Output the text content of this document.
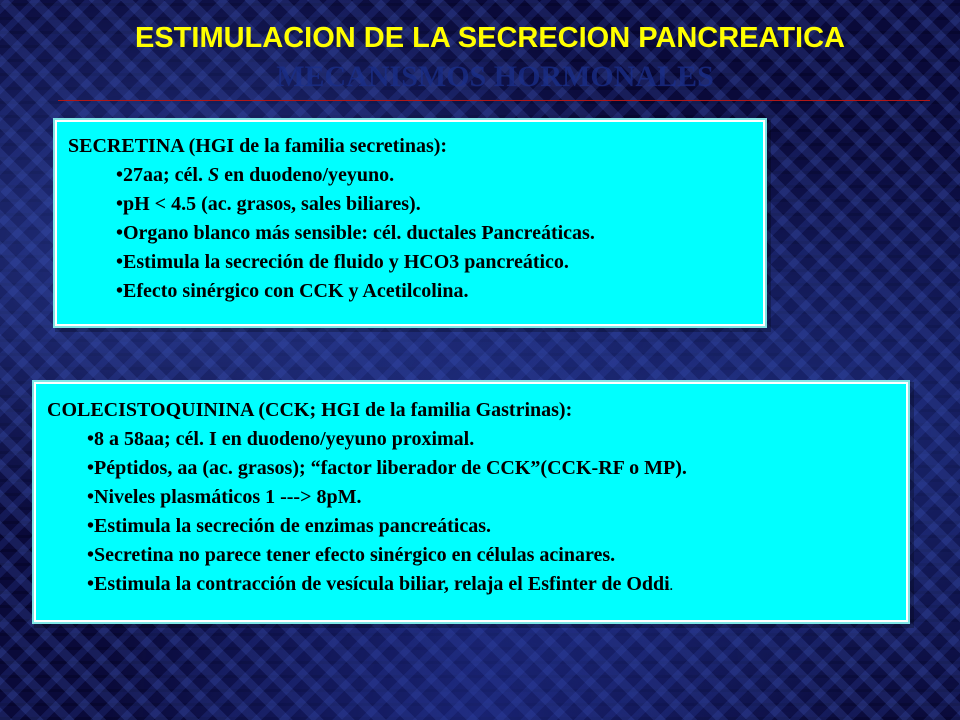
ESTIMULACION DE LA SECRECION PANCREATICA
MECANISMOS HORMONALES
SECRETINA (HGI de la familia secretinas):
•27aa; cél. S en duodeno/yeyuno.
•pH < 4.5 (ac. grasos, sales biliares).
•Organo blanco más sensible: cél. ductales Pancreáticas.
•Estimula la secreción de fluido y HCO3 pancreático.
•Efecto sinérgico con CCK y Acetilcolina.
COLECISTOQUININA (CCK; HGI de la familia Gastrinas):
•8 a 58aa; cél. I en duodeno/yeyuno proximal.
•Péptidos, aa (ac. grasos); “factor liberador de CCK”(CCK-RF o MP).
•Niveles plasmáticos 1 ---> 8pM.
•Estimula la secreción de enzimas pancreáticas.
•Secretina no parece tener efecto sinérgico en células acinares.
•Estimula la contracción de vesícula biliar, relaja el Esfinter de Oddi.
